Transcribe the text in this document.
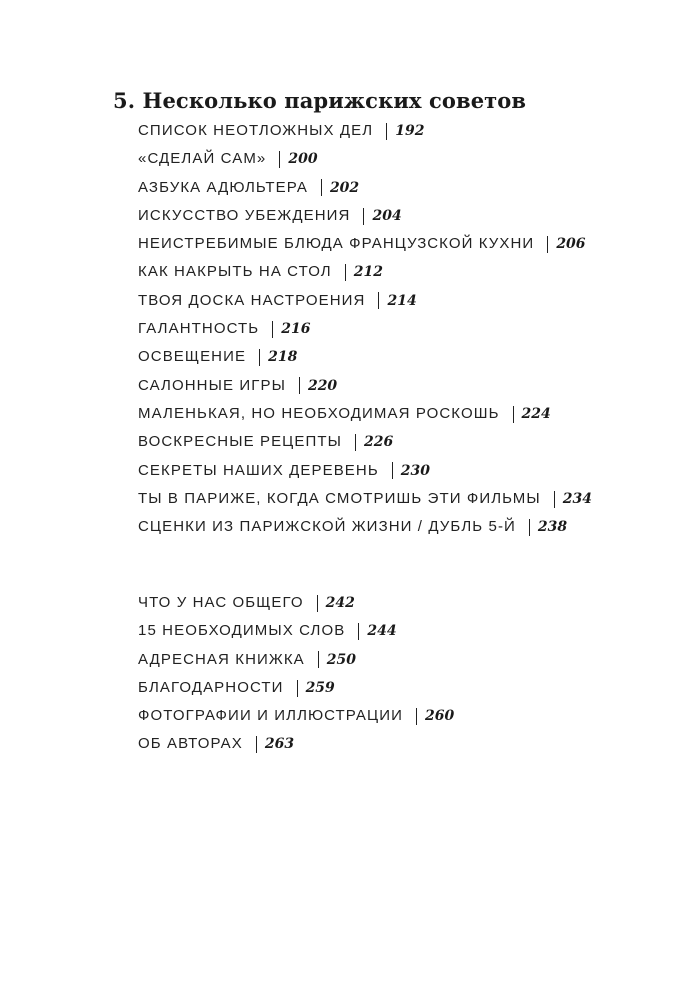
5. Несколько парижских советов
СПИСОК НЕОТЛОЖНЫХ ДЕЛ 192
«СДЕЛАЙ САМ» 200
АЗБУКА АДЮЛЬТЕРА 202
ИСКУССТВО УБЕЖДЕНИЯ 204
НЕИСТРЕБИМЫЕ БЛЮДА ФРАНЦУЗСКОЙ КУХНИ 206
КАК НАКРЫТЬ НА СТОЛ 212
ТВОЯ ДОСКА НАСТРОЕНИЯ 214
ГАЛАНТНОСТЬ 216
ОСВЕЩЕНИЕ 218
САЛОННЫЕ ИГРЫ 220
МАЛЕНЬКАЯ, НО НЕОБХОДИМАЯ РОСКОШЬ 224
ВОСКРЕСНЫЕ РЕЦЕПТЫ 226
СЕКРЕТЫ НАШИХ ДЕРЕВЕНЬ 230
ТЫ В ПАРИЖЕ, КОГДА СМОТРИШЬ ЭТИ ФИЛЬМЫ 234
СЦЕНКИ ИЗ ПАРИЖСКОЙ ЖИЗНИ / ДУБЛЬ 5-Й 238
ЧТО У НАС ОБЩЕГО 242
15 НЕОБХОДИМЫХ СЛОВ 244
АДРЕСНАЯ КНИЖКА 250
БЛАГОДАРНОСТИ 259
ФОТОГРАФИИ И ИЛЛЮСТРАЦИИ 260
ОБ АВТОРАХ 263
